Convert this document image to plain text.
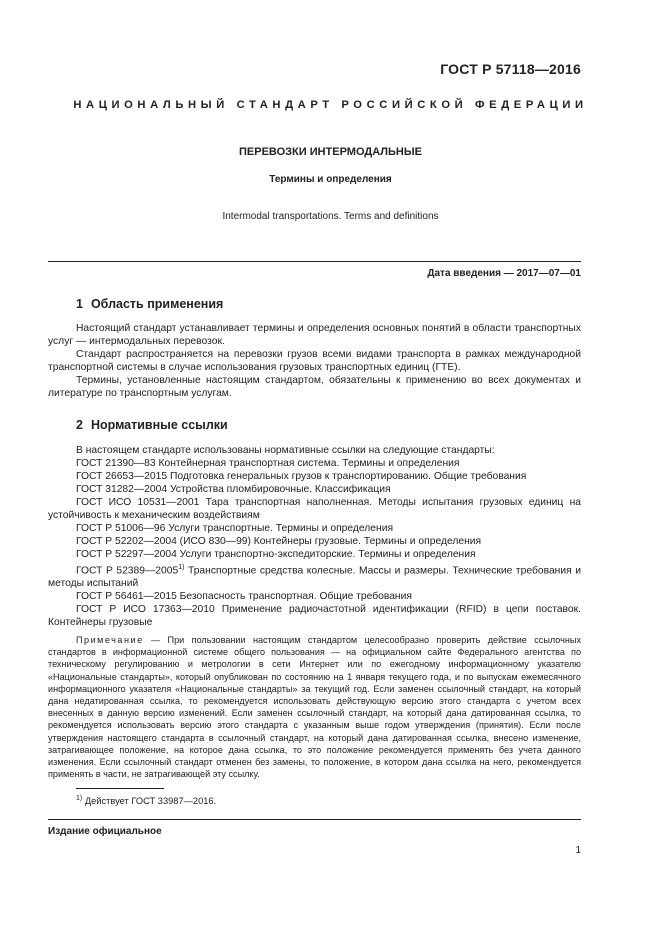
ГОСТ Р 57118—2016
НАЦИОНАЛЬНЫЙ СТАНДАРТ РОССИЙСКОЙ ФЕДЕРАЦИИ
ПЕРЕВОЗКИ ИНТЕРМОДАЛЬНЫЕ
Термины и определения
Intermodal transportations. Terms and definitions
Дата введения — 2017—07—01
1 Область применения

Настоящий стандарт устанавливает термины и определения основных понятий в области транспортных услуг — интермодальных перевозок.

Стандарт распространяется на перевозки грузов всеми видами транспорта в рамках международной транспортной системы в случае использования грузовых транспортных единиц (ГТЕ).

Термины, установленные настоящим стандартом, обязательны к применению во всех документах и литературе по транспортным услугам.

2 Нормативные ссылки

В настоящем стандарте использованы нормативные ссылки на следующие стандарты:

ГОСТ 21390—83 Контейнерная транспортная система. Термины и определения

ГОСТ 26653—2015 Подготовка генеральных грузов к транспортированию. Общие требования

ГОСТ 31282—2004 Устройства пломбировочные. Классификация

ГОСТ ИСО 10531—2001 Тара транспортная наполненная. Методы испытания грузовых единиц на устойчивость к механическим воздействиям

ГОСТ Р 51006—96 Услуги транспортные. Термины и определения

ГОСТ Р 52202—2004 (ИСО 830—99) Контейнеры грузовые. Термины и определения

ГОСТ Р 52297—2004 Услуги транспортно-экспедиторские. Термины и определения

ГОСТ Р 52389—2005$^{1)}$ Транспортные средства колесные. Массы и размеры. Технические требования и методы испытаний

ГОСТ Р 56461—2015 Безопасность транспортная. Общие требования

ГОСТ Р ИСО 17363—2010 Применение радиочастотной идентификации (RFID) в цепи поставок. Контейнеры грузовые

Примечание — При пользовании настоящим стандартом целесообразно проверить действие ссылочных стандартов в информационной системе общего пользования — на официальном сайте Федерального агентства по техническому регулированию и метрологии в сети Интернет или по ежегодному информационному указателю «Национальные стандарты», который опубликован по состоянию на 1 января текущего года, и по выпускам ежемесячного информационного указателя «Национальные стандарты» за текущий год. Если заменен ссылочный стандарт, на который дана недатированная ссылка, то рекомендуется использовать действующую версию этого стандарта с учетом всех внесенных в данную версию изменений. Если заменен ссылочный стандарт, на который дана датированная ссылка, то рекомендуется использовать версию этого стандарта с указанным выше годом утверждения (принятия). Если после утверждения настоящего стандарта в ссылочный стандарт, на который дана датированная ссылка, внесено изменение, затрагивающее положение, на которое дана ссылка, то это положение рекомендуется применять без учета данного изменения. Если ссылочный стандарт отменен без замены, то положение, в котором дана ссылка на него, рекомендуется применять в части, не затрагивающей эту ссылку.

$^{1)}$ Действует ГОСТ 33987—2016.
Издание официальное
1
